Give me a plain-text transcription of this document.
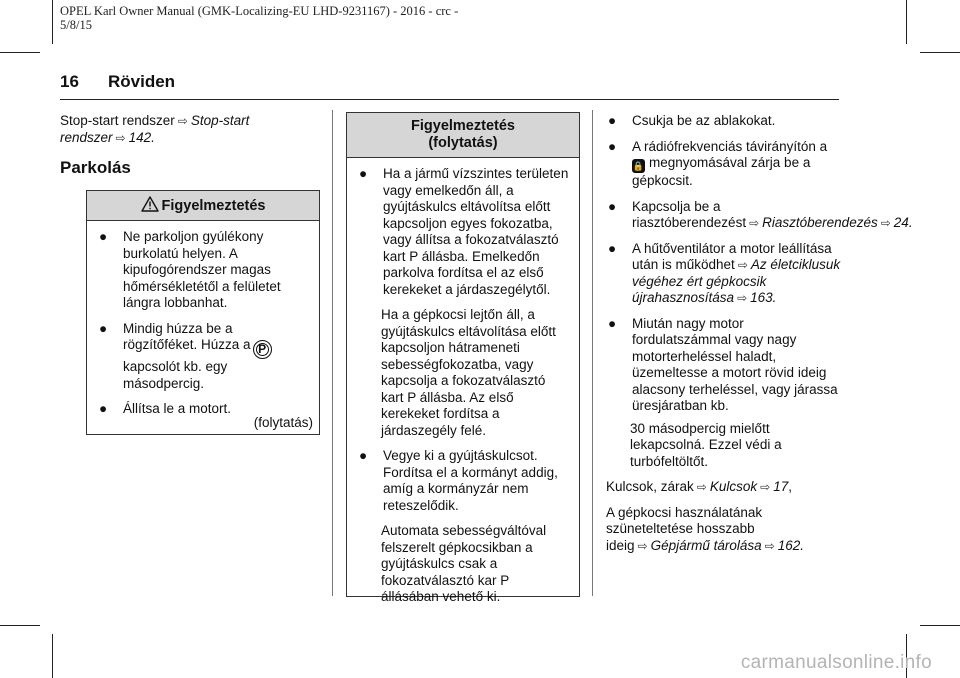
OPEL Karl Owner Manual (GMK-Localizing-EU LHD-9231167) - 2016 - crc -
5/8/15
16 Röviden
Stop-start rendszer ⇨ Stop-start rendszer ⇨ 142.
Parkolás
Figyelmeztetés
●	Ne parkoljon gyúlékony burkolatú helyen. A kipufogórendszer magas hőmérsékletétől a felületet lángra lobbanhat.
●	Mindig húzza be a rögzítőféket. Húzza a P kapcsolót kb. egy másodpercig.
●	Állítsa le a motort.
(folytatás)
Figyelmeztetés
(folytatás)
●	Ha a jármű vízszintes területen vagy emelkedőn áll, a gyújtáskulcs eltávolítsa előtt kapcsoljon egyes fokozatba, vagy állítsa a fokozatválasztó kart P állásba. Emelkedőn parkolva fordítsa el az első kerekeket a járdaszegélytől.
Ha a gépkocsi lejtőn áll, a gyújtáskulcs eltávolítása előtt kapcsoljon hátrameneti sebességfokozatba, vagy kapcsolja a fokozatválasztó kart P állásba. Az első kerekeket fordítsa a járdaszegély felé.
●	Vegye ki a gyújtáskulcsot. Fordítsa el a kormányt addig, amíg a kormányzár nem reteszelődik.
Automata sebességváltóval felszerelt gépkocsikban a gyújtáskulcs csak a fokozatválasztó kar P állásában vehető ki.
●	Csukja be az ablakokat.
●	A rádiófrekvenciás távirányítón a
🔒 megnyomásával zárja be a gépkocsit.
●	Kapcsolja be a riasztóberendezést ⇨ Riasztóberendezés ⇨ 24.
●	A hűtőventilátor a motor leállítása után is működhet ⇨ Az életciklusuk végéhez ért gépkocsik újrahasznosítása ⇨ 163.
●	Miután nagy motor fordulatszámmal vagy nagy motorterheléssel haladt, üzemeltesse a motort rövid ideig alacsony terheléssel, vagy járassa üresjáratban kb.
30 másodpercig mielőtt lekapcsolná. Ezzel védi a turbófeltöltőt.
Kulcsok, zárak ⇨ Kulcsok ⇨ 17,
A gépkocsi használatának szüneteltetése hosszabb ideig ⇨ Gépjármű tárolása ⇨ 162.
carmanualsonline.info
